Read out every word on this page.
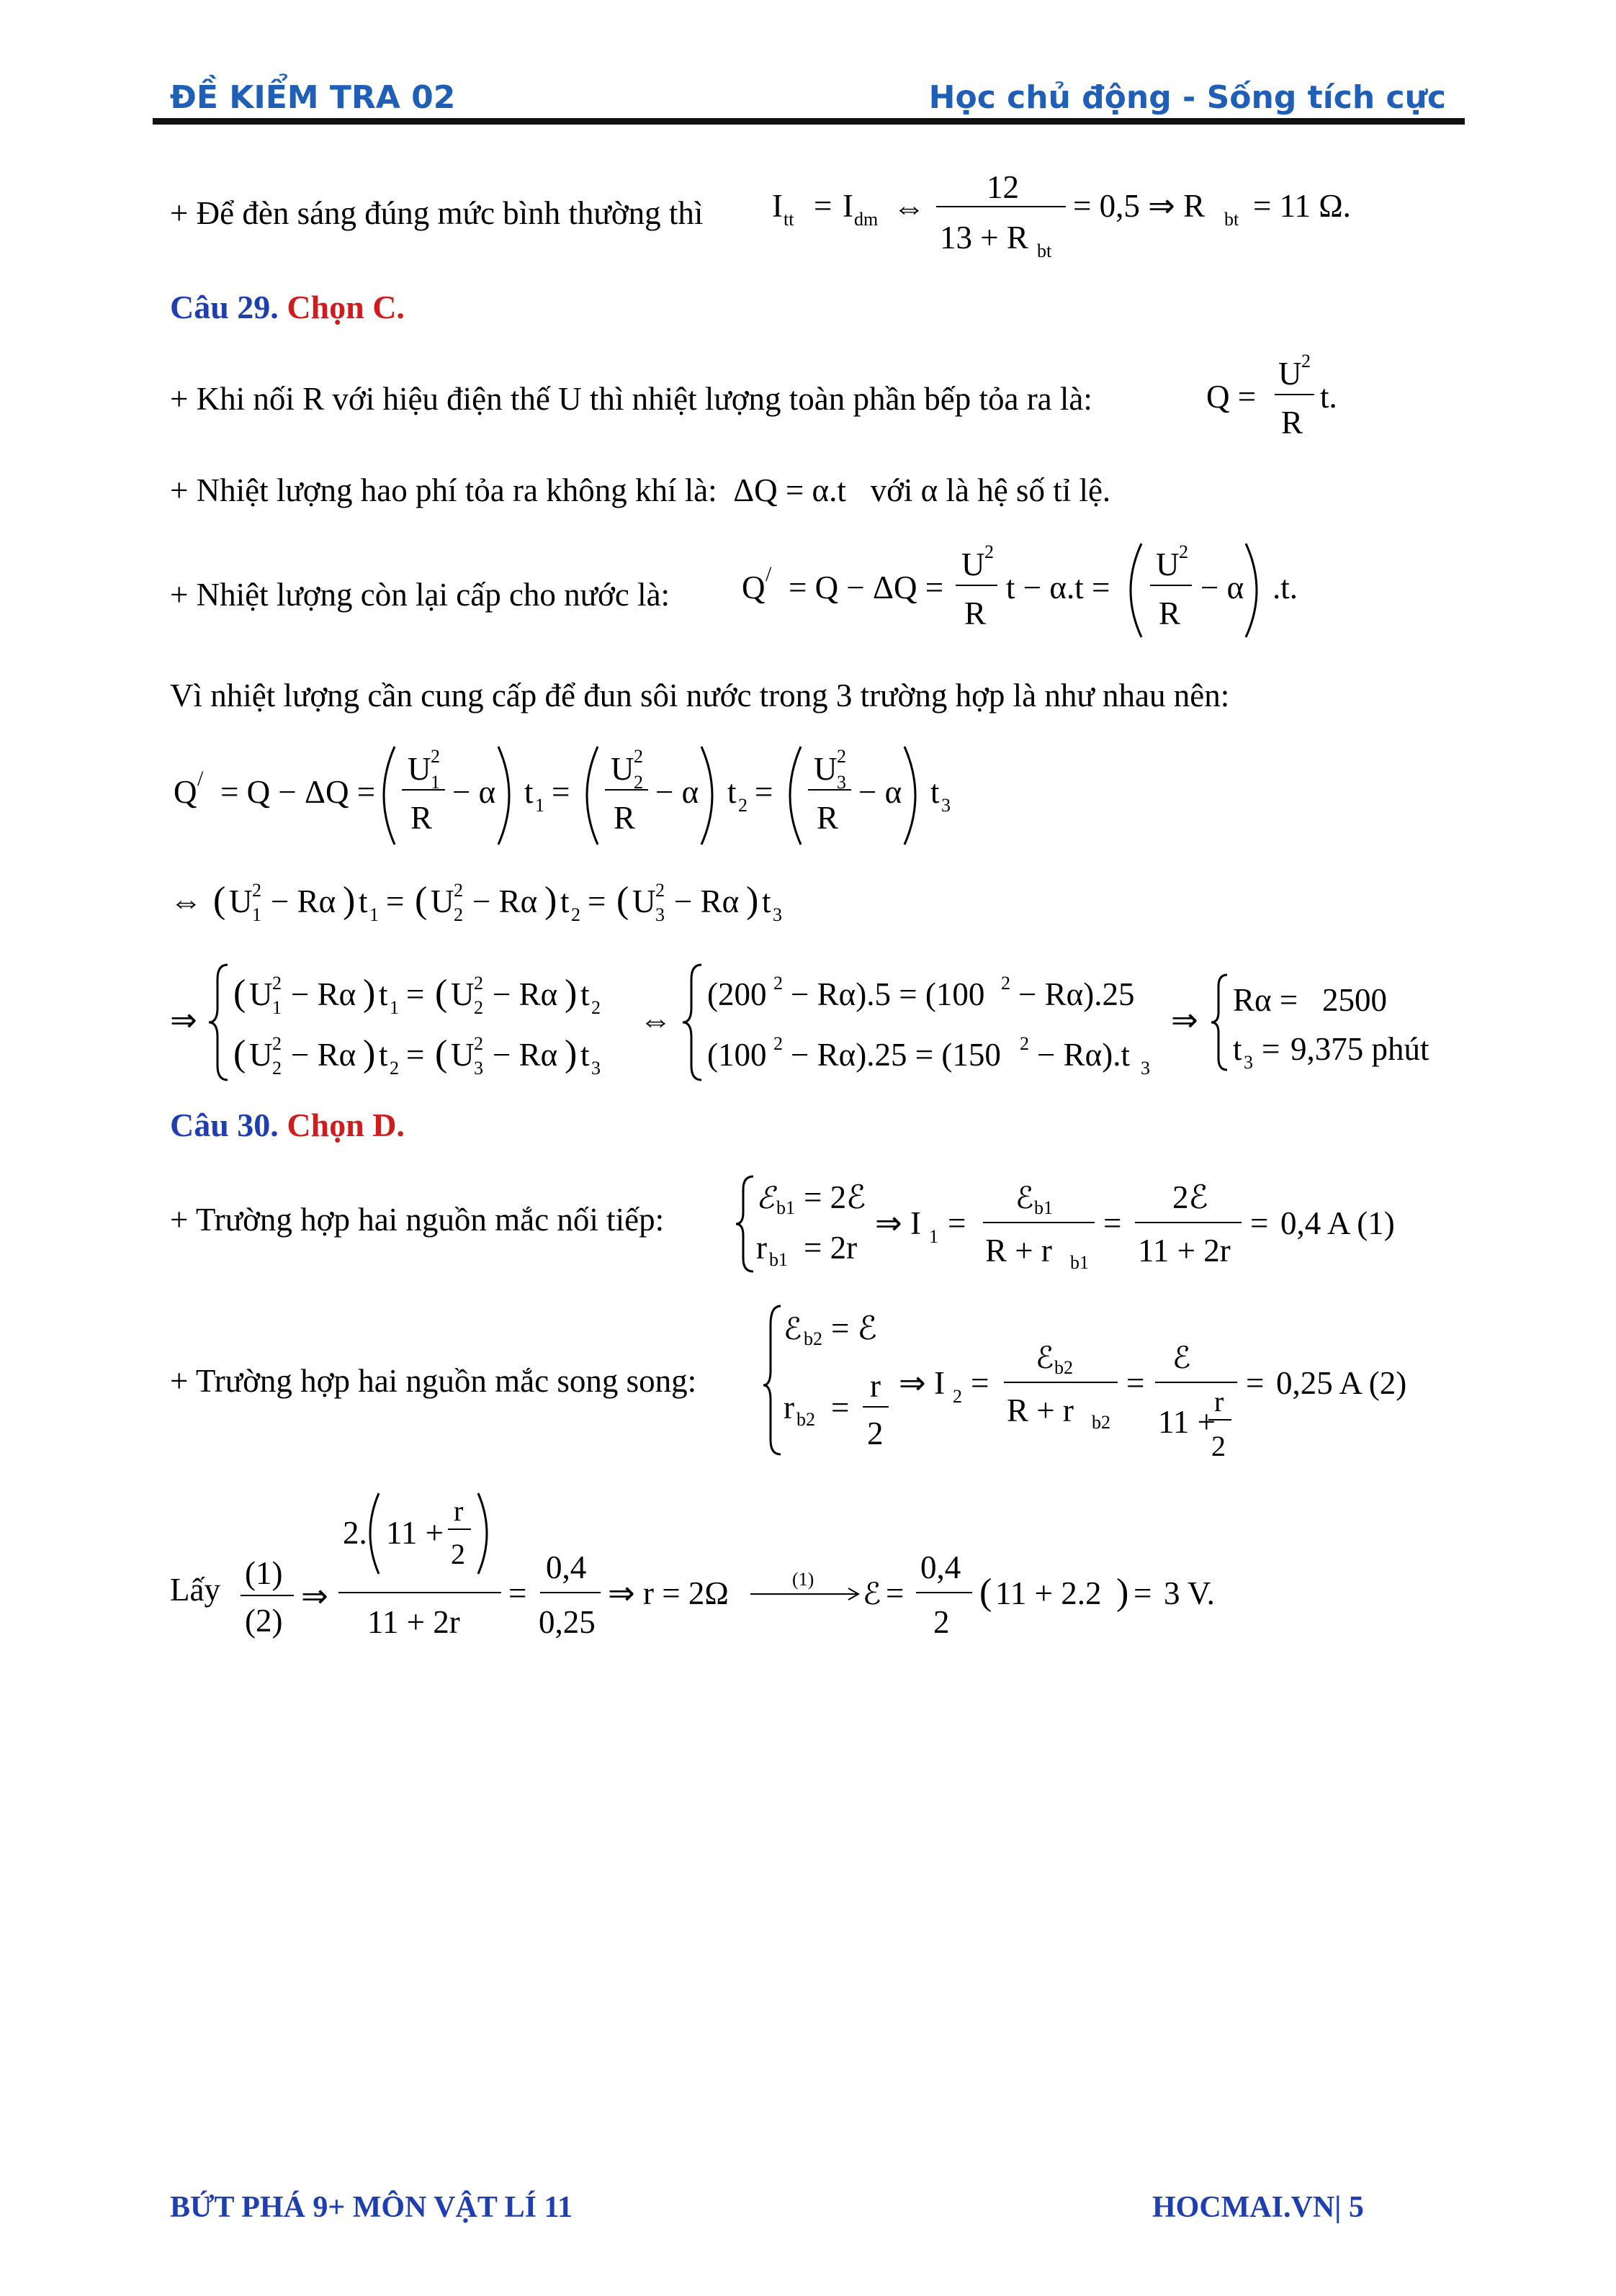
ĐỀ KIỂM TRA 02	Học chủ động - Sống tích cực
+ Để đèn sáng đúng mức bình thường thì I tt = I dm ⇔
12
13 + R bt
= 0,5 ⇒ R bt = 11 Ω.
Câu 29. Chọn C.
+ Khi nối R với hiệu điện thế U thì nhiệt lượng toàn phần bếp tỏa ra là:	Q =
U 2
R
t.
+ Nhiệt lượng hao phí tỏa ra không khí là:  ΔQ = α.t   với α là hệ số tỉ lệ.
+ Nhiệt lượng còn lại cấp cho nước là: Q / = Q − ΔQ =
U 2
R
t − α.t =
U 2
R
− α .t.
Vì nhiệt lượng cần cung cấp để đun sôi nước trong 3 trường hợp là như nhau nên:
Q / = Q − ΔQ =
U 2
1
R
− α t 1 =
U 2
2
R
− α t 2 =
U 2
3
R
− α t 3
⇔ ( U 2
1 − Rα ) t 1 = ( U 2
2 − Rα ) t 2 = ( U 2
3 − Rα ) t 3
⇒
( U 2
1 − Rα ) t 1 = ( U 2
2 − Rα ) t 2
( U 2
2 − Rα ) t 2 = ( U 2
3 − Rα ) t 3
⇔
(200 2 − Rα).5 = (100 2 − Rα).25
(100 2 − Rα).25 = (150 2 − Rα).t 3
⇒
Rα = 2500
t 3 = 9,375 phút
Câu 30. Chọn D.
+ Trường hợp hai nguồn mắc nối tiếp:
ℰ b1 = 2ℰ
r b1 = 2r
⇒ I 1 =
ℰ b1
R + r b1
=
2ℰ
11 + 2r
= 0,4 A (1)
+ Trường hợp hai nguồn mắc song song:
ℰ b2 = ℰ
r b2 =
r
2
⇒ I 2 =
ℰ b2
R + r b2
=
ℰ
11 +
r
2
= 0,25 A (2)
Lấy (1)
(2)
⇒
2. 11 +
r
2
11 + 2r
=
0,4
0,25
⇒ r = 2Ω	(1) ℰ =
0,4
2
( 11 + 2.2 ) = 3 V.
BỨT PHÁ 9+ MÔN VẬT LÍ 11	HOCMAI.VN| 5
